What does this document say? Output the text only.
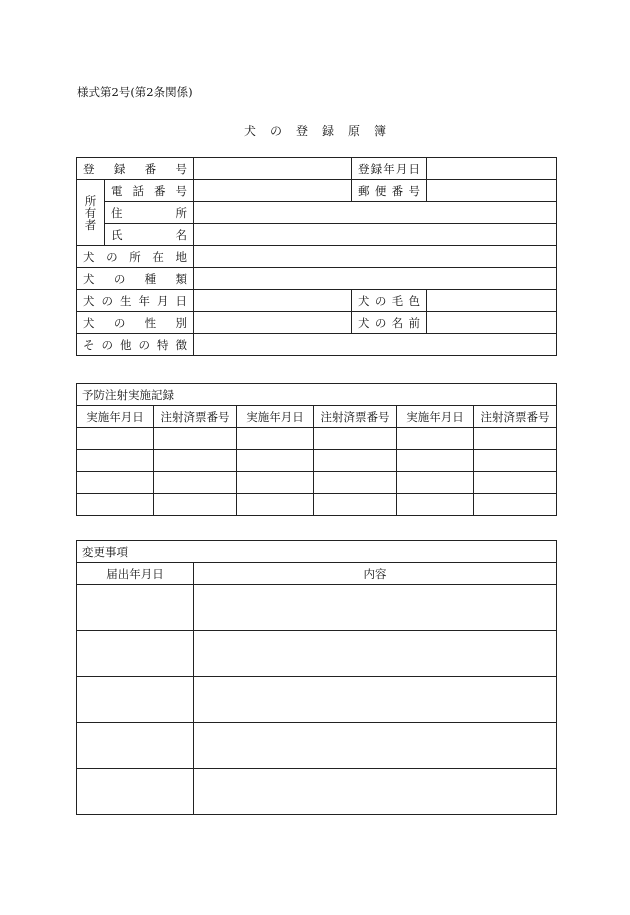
様式第2号(第2条関係)
犬の登録原簿
登録番号			登録年月日	

所有者	電話番号		郵便番号	
	住所			
	氏名			
犬の所在地				
犬の種類				
犬の生年月日			犬の毛色	
犬の性別			犬の名前	
その他の特徴				
予防注射実施記録					
実施年月日	注射済票番号	実施年月日	注射済票番号	実施年月日	注射済票番号

変更事項	
届出年月日	内容
